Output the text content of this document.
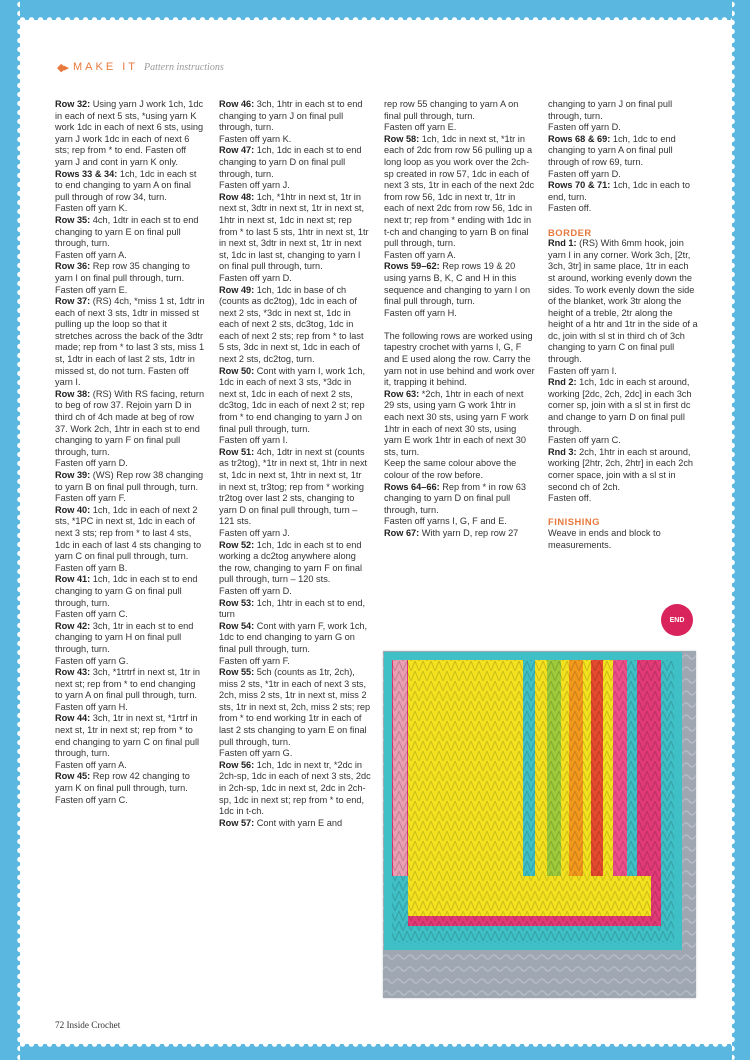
◆▸ MAKE IT Pattern instructions

Row 32: Using yarn J work 1ch, 1dc in each of next 5 sts, *using yarn K work 1dc in each of next 6 sts, using yarn J work 1dc in each of next 6 sts; rep from * to end. Fasten off yarn J and cont in yarn K only.

Rows 33 & 34: 1ch, 1dc in each st to end changing to yarn A on final pull through of row 34, turn.

Fasten off yarn K.

Row 35: 4ch, 1dtr in each st to end changing to yarn E on final pull through, turn.

Fasten off yarn A.

Row 36: Rep row 35 changing to yarn I on final pull through, turn.

Fasten off yarn E.

Row 37: (RS) 4ch, *miss 1 st, 1dtr in each of next 3 sts, 1dtr in missed st pulling up the loop so that it stretches across the back of the 3dtr made; rep from * to last 3 sts, miss 1 st, 1dtr in each of last 2 sts, 1dtr in missed st, do not turn. Fasten off yarn I.

Row 38: (RS) With RS facing, return to beg of row 37. Rejoin yarn D in third ch of 4ch made at beg of row 37. Work 2ch, 1htr in each st to end changing to yarn F on final pull through, turn.

Fasten off yarn D.

Row 39: (WS) Rep row 38 changing to yarn B on final pull through, turn.

Fasten off yarn F.

Row 40: 1ch, 1dc in each of next 2 sts, *1PC in next st, 1dc in each of next 3 sts; rep from * to last 4 sts, 1dc in each of last 4 sts changing to yarn C on final pull through, turn.

Fasten off yarn B.

Row 41: 1ch, 1dc in each st to end changing to yarn G on final pull through, turn.

Fasten off yarn C.

Row 42: 3ch, 1tr in each st to end changing to yarn H on final pull through, turn.

Fasten off yarn G.

Row 43: 3ch, *1trtrf in next st, 1tr in next st; rep from * to end changing to yarn A on final pull through, turn.

Fasten off yarn H.

Row 44: 3ch, 1tr in next st, *1rtrf in next st, 1tr in next st; rep from * to end changing to yarn C on final pull through, turn.

Fasten off yarn A.

Row 45: Rep row 42 changing to yarn K on final pull through, turn. Fasten off yarn C.

Row 46: 3ch, 1htr in each st to end changing to yarn J on final pull through, turn.

Fasten off yarn K.

Row 47: 1ch, 1dc in each st to end changing to yarn D on final pull through, turn.

Fasten off yarn J.

Row 48: 1ch, *1htr in next st, 1tr in next st, 3dtr in next st, 1tr in next st, 1htr in next st, 1dc in next st; rep from * to last 5 sts, 1htr in next st, 1tr in next st, 3dtr in next st, 1tr in next st, 1dc in last st, changing to yarn I on final pull through, turn.

Fasten off yarn D.

Row 49: 1ch, 1dc in base of ch (counts as dc2tog), 1dc in each of next 2 sts, *3dc in next st, 1dc in each of next 2 sts, dc3tog, 1dc in each of next 2 sts; rep from * to last 5 sts, 3dc in next st, 1dc in each of next 2 sts, dc2tog, turn.

Row 50: Cont with yarn I, work 1ch, 1dc in each of next 3 sts, *3dc in next st, 1dc in each of next 2 sts, dc3tog, 1dc in each of next 2 st; rep from * to end changing to yarn J on final pull through, turn.

Fasten off yarn I.

Row 51: 4ch, 1dtr in next st (counts as tr2tog), *1tr in next st, 1htr in next st, 1dc in next st, 1htr in next st, 1tr in next st, tr3tog; rep from * working tr2tog over last 2 sts, changing to yarn D on final pull through, turn – 121 sts.

Fasten off yarn J.

Row 52: 1ch, 1dc in each st to end working a dc2tog anywhere along the row, changing to yarn F on final pull through, turn – 120 sts.

Fasten off yarn D.

Row 53: 1ch, 1htr in each st to end, turn

Row 54: Cont with yarn F, work 1ch, 1dc to end changing to yarn G on final pull through, turn.

Fasten off yarn F.

Row 55: 5ch (counts as 1tr, 2ch), miss 2 sts, *1tr in each of next 3 sts, 2ch, miss 2 sts, 1tr in next st, miss 2 sts, 1tr in next st, 2ch, miss 2 sts; rep from * to end working 1tr in each of last 2 sts changing to yarn E on final pull through, turn.

Fasten off yarn G.

Row 56: 1ch, 1dc in next tr, *2dc in 2ch-sp, 1dc in each of next 3 sts, 2dc in 2ch-sp, 1dc in next st, 2dc in 2ch-sp, 1dc in next st; rep from * to end, 1dc in t-ch.

Row 57: Cont with yarn E and

rep row 55 changing to yarn A on final pull through, turn.

Fasten off yarn E.

Row 58: 1ch, 1dc in next st, *1tr in each of 2dc from row 56 pulling up a long loop as you work over the 2ch-sp created in row 57, 1dc in each of next 3 sts, 1tr in each of the next 2dc from row 56, 1dc in next tr, 1tr in each of next 2dc from row 56, 1dc in next tr; rep from * ending with 1dc in t-ch and changing to yarn B on final pull through, turn.

Fasten off yarn A.

Rows 59–62: Rep rows 19 & 20 using yarns B, K, C and H in this sequence and changing to yarn I on final pull through, turn.

Fasten off yarn H.

The following rows are worked using tapestry crochet with yarns I, G, F and E used along the row. Carry the yarn not in use behind and work over it, trapping it behind.

Row 63: *2ch, 1htr in each of next 29 sts, using yarn G work 1htr in each next 30 sts, using yarn F work 1htr in each of next 30 sts, using yarn E work 1htr in each of next 30 sts, turn.

Keep the same colour above the colour of the row before.

Rows 64–66: Rep from * in row 63 changing to yarn D on final pull through, turn.

Fasten off yarns I, G, F and E.

Row 67: With yarn D, rep row 27

changing to yarn J on final pull through, turn.

Fasten off yarn D.

Rows 68 & 69: 1ch, 1dc to end changing to yarn A on final pull through of row 69, turn.

Fasten off yarn D.

Rows 70 & 71: 1ch, 1dc in each to end, turn.

Fasten off.

BORDER

Rnd 1: (RS) With 6mm hook, join yarn I in any corner. Work 3ch, [2tr, 3ch, 3tr] in same place, 1tr in each st around, working evenly down the sides. To work evenly down the side of the blanket, work 3tr along the height of a treble, 2tr along the height of a htr and 1tr in the side of a dc, join with sl st in third ch of 3ch changing to yarn C on final pull through.

Fasten off yarn I.

Rnd 2: 1ch, 1dc in each st around, working [2dc, 2ch, 2dc] in each 3ch corner sp, join with a sl st in first dc and change to yarn D on final pull through.

Fasten off yarn C.

Rnd 3: 2ch, 1htr in each st around, working [2htr, 2ch, 2htr] in each 2ch corner space, join with a sl st in second ch of 2ch.

Fasten off.

FINISHING

Weave in ends and block to measurements.

END
72 Inside Crochet
